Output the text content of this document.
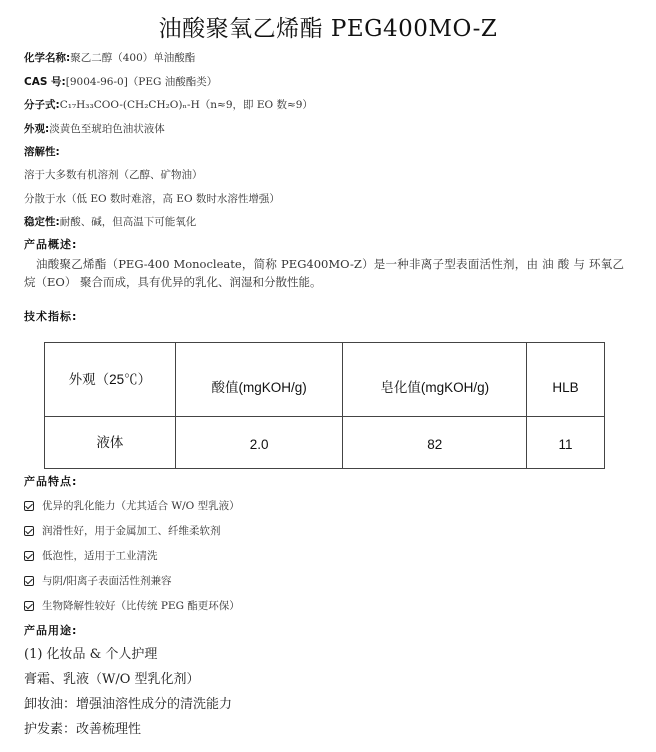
油酸聚氧乙烯酯 PEG400MO-Z
化学名称:聚乙二醇（400）单油酸酯
CAS 号:[9004-96-0]（PEG 油酸酯类）
分子式:C₁₇H₃₃COO-(CH₂CH₂O)ₙ-H（n≈9，即 EO 数≈9）
外观:淡黄色至琥珀色油状液体
溶解性:
溶于大多数有机溶剂（乙醇、矿物油）
分散于水（低 EO 数时难溶，高 EO 数时水溶性增强）
稳定性:耐酸、碱，但高温下可能氧化
产品概述:
油酸聚乙烯酯（PEG-400 Monocleate，简称 PEG400MO-Z）是一种非离子型表面活性剂，由 油 酸 与 环氧乙烷（EO） 聚合而成，具有优异的乳化、润湿和分散性能。
技术指标:
外观（25℃）	酸值(mgKOH/g)	皂化值(mgKOH/g)	HLB
液体	2.0	82	11
产品特点:
优异的乳化能力（尤其适合 W/O 型乳液）
润滑性好，用于金属加工、纤维柔软剂
低泡性，适用于工业清洗
与阴/阳离子表面活性剂兼容
生物降解性较好（比传统 PEG 酯更环保）
产品用途:
(1) 化妆品 & 个人护理
膏霜、乳液（W/O 型乳化剂）
卸妆油：增强油溶性成分的清洗能力
护发素：改善梳理性
